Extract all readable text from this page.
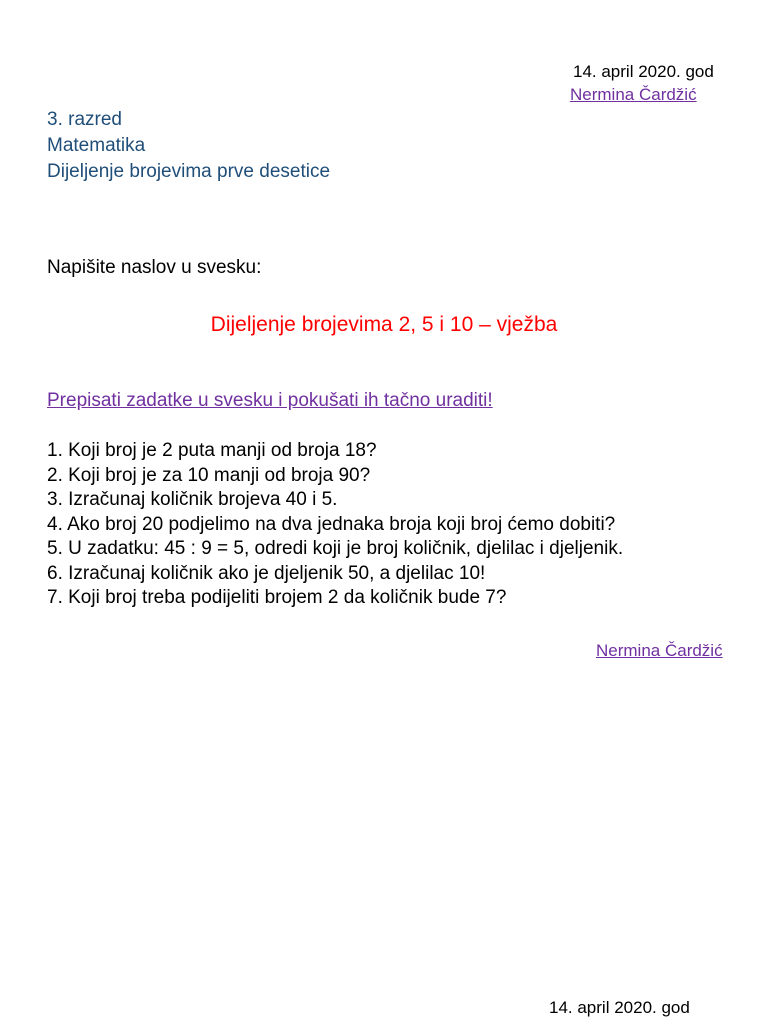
14. april 2020. god
Nermina Čardžić
3. razred
Matematika
Dijeljenje brojevima prve desetice
Napišite naslov u svesku:
Dijeljenje brojevima 2, 5 i 10 – vježba
Prepisati zadatke u svesku i pokušati ih tačno uraditi!
1. Koji broj je 2 puta manji od broja 18?
2. Koji broj je za 10 manji od broja 90?
3. Izračunaj količnik brojeva 40 i 5.
4. Ako broj 20 podjelimo na dva jednaka broja koji broj ćemo dobiti?
5. U zadatku: 45 : 9 = 5, odredi koji je broj količnik, djelilac i djeljenik.
6. Izračunaj količnik ako je djeljenik 50, a djelilac 10!
7. Koji broj treba podijeliti brojem 2 da količnik bude 7?
Nermina Čardžić
14. april 2020. god
